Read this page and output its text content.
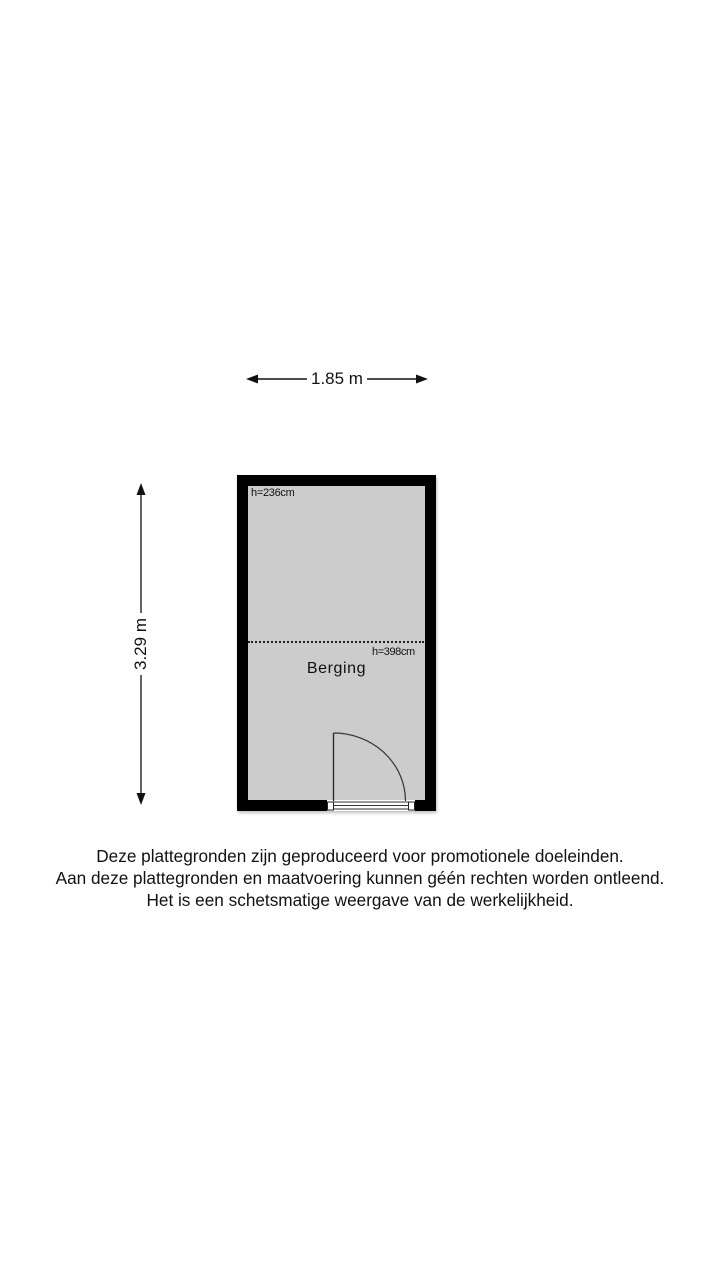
1.85 m
3.29 m
h=236cm
h=398cm
Berging
Deze plattegronden zijn geproduceerd voor promotionele doeleinden.
Aan deze plattegronden en maatvoering kunnen géén rechten worden ontleend.
Het is een schetsmatige weergave van de werkelijkheid.
